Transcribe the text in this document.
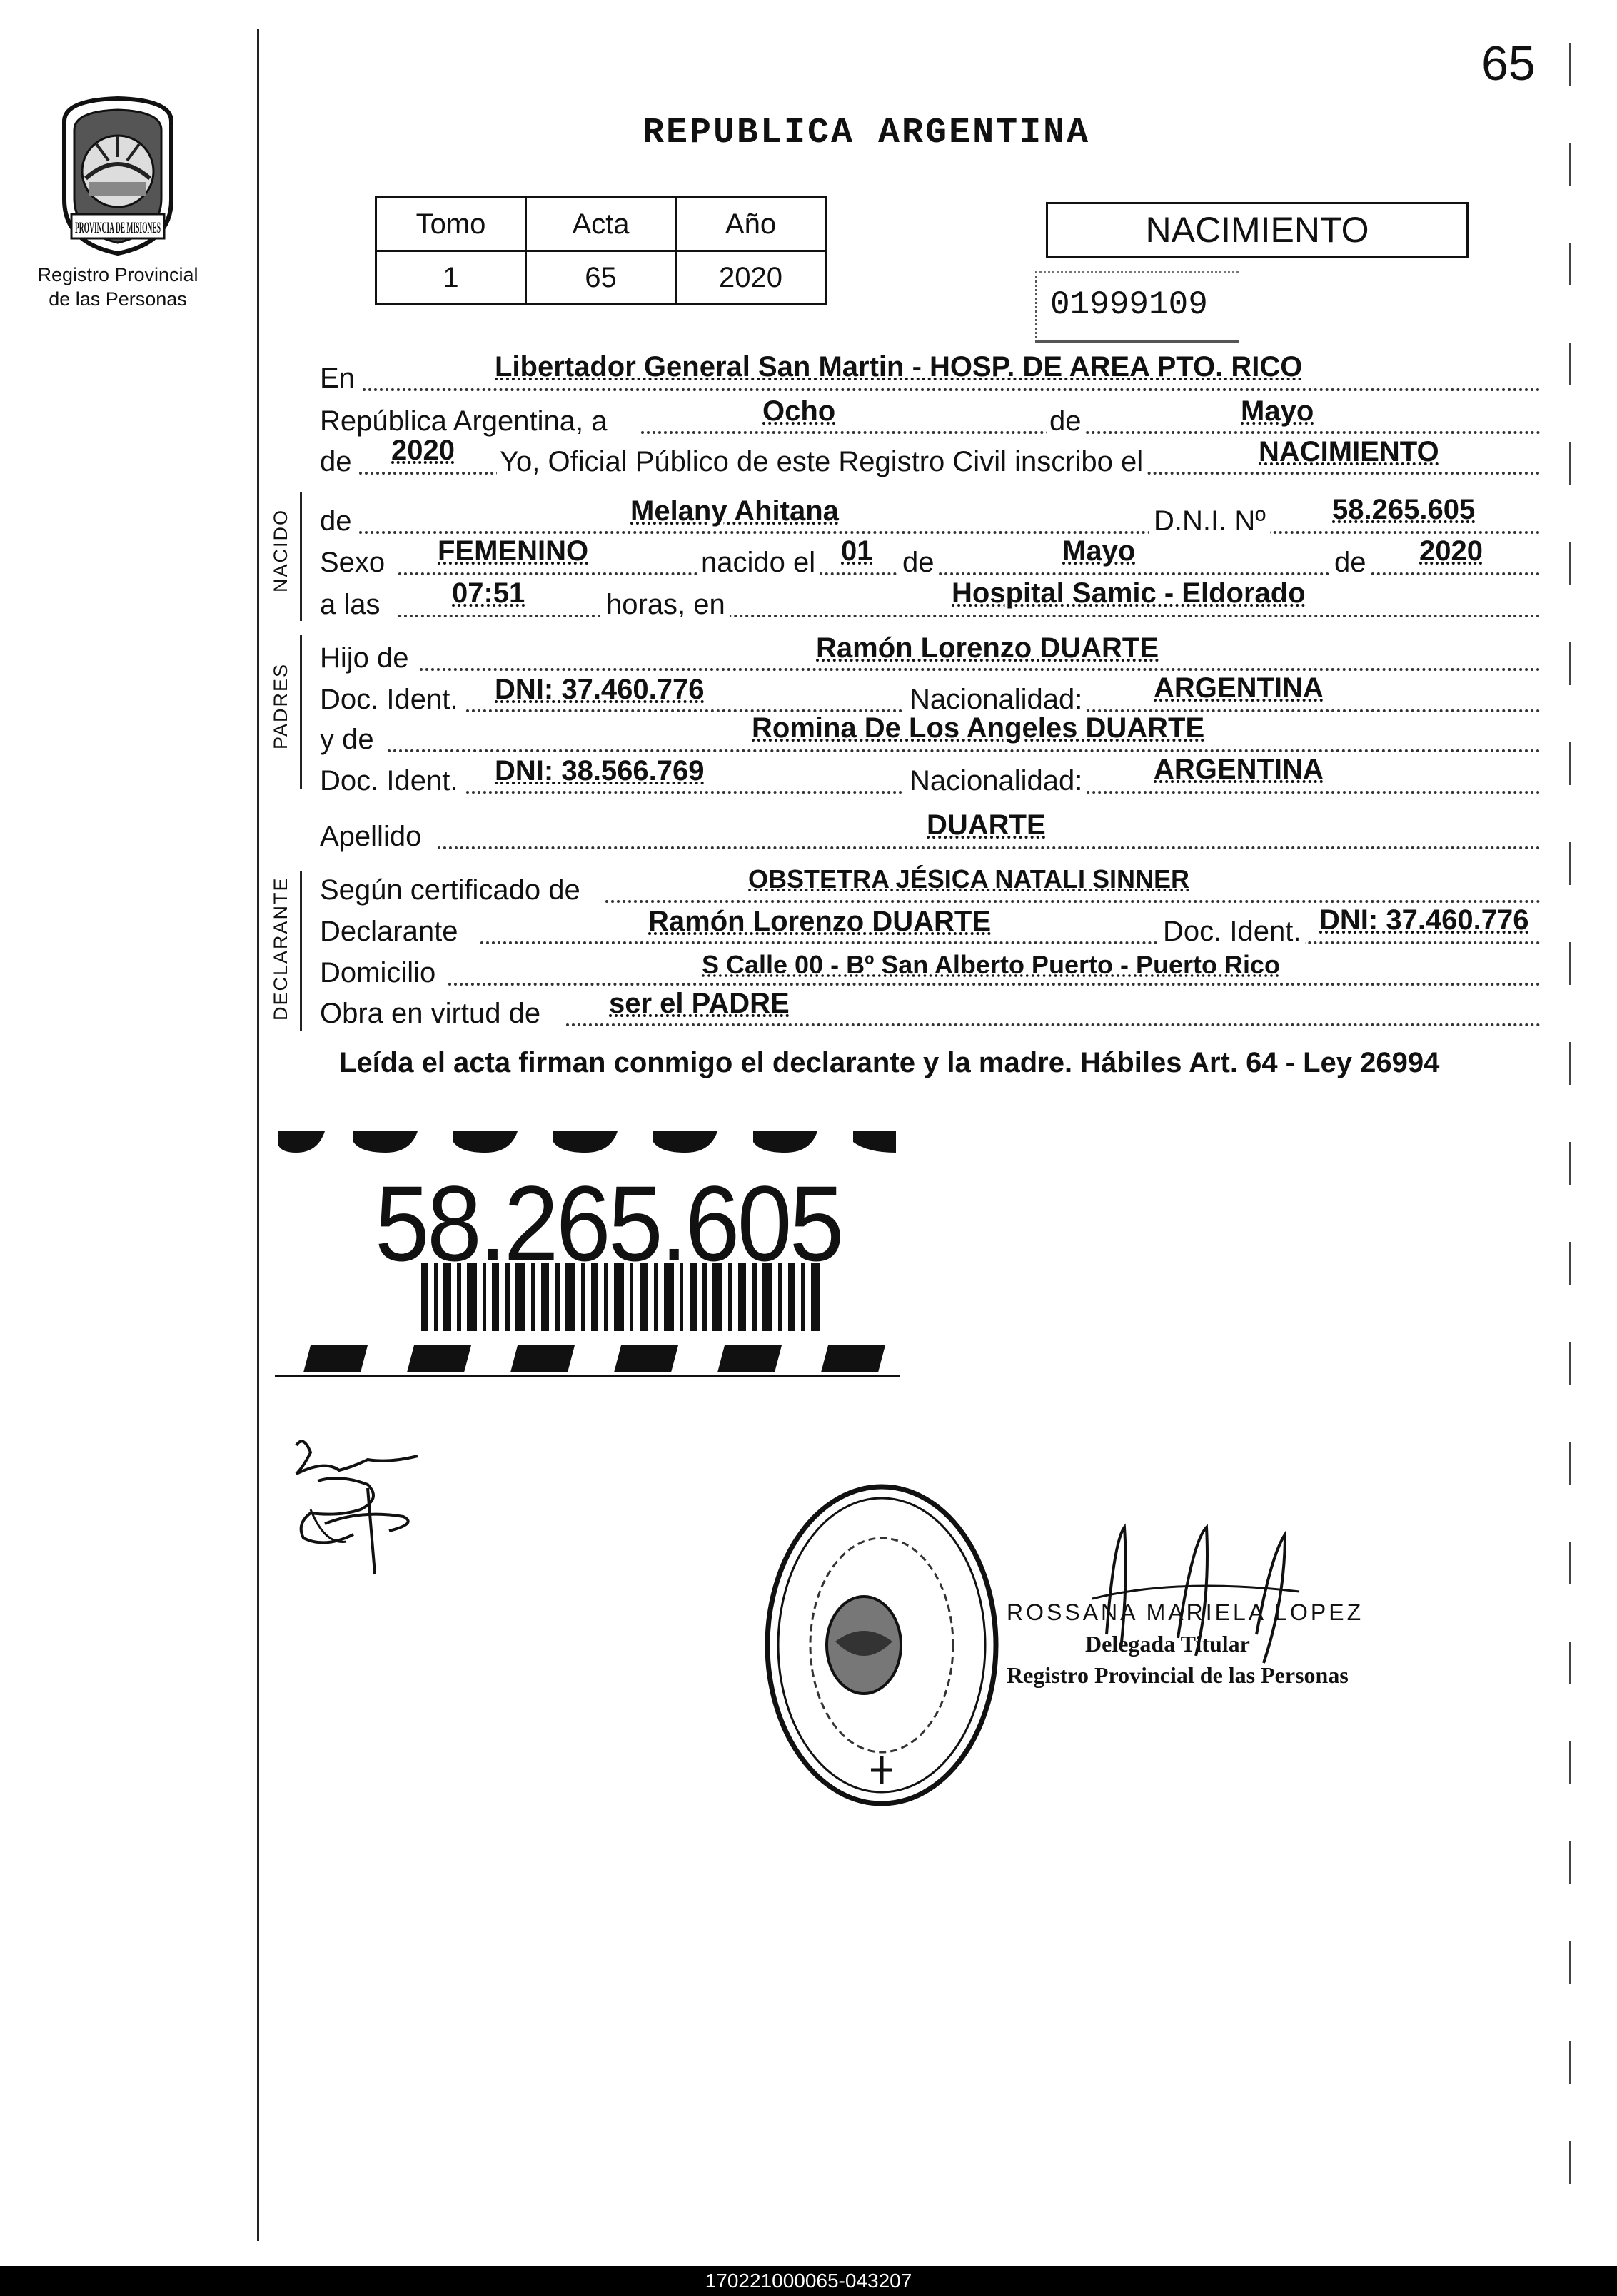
65
PROVINCIA DE MISIONES
Registro Provincial
de las Personas
REPUBLICA ARGENTINA
Tomo	Acta	Año
1	65	2020
NACIMIENTO
01999109
En	Libertador General San Martin - HOSP. DE AREA PTO. RICO
República Argentina, a	Ocho	de	Mayo
de 2020 Yo, Oficial Público de este Registro Civil inscribo el	NACIMIENTO
NACIDO de	Melany Ahitana	D.N.I. Nº 58.265.605
Sexo FEMENINO	nacido el 01 de	Mayo	de 2020
a las	07:51	horas, en	Hospital Samic - Eldorado
PADRES
Hijo de	Ramón Lorenzo DUARTE
Doc. Ident. DNI: 37.460.776	Nacionalidad: ARGENTINA
y de	Romina De Los Angeles DUARTE
Doc. Ident. DNI: 38.566.769	Nacionalidad: ARGENTINA
Apellido	DUARTE
DECLARANTE Según certificado de	OBSTETRA JÉSICA NATALI SINNER
Declarante	Ramón Lorenzo DUARTE	Doc. Ident. DNI: 37.460.776
Domicilio	S Calle 00 - Bº San Alberto Puerto - Puerto Rico
Obra en virtud de ser el PADRE
Leída el acta firman conmigo el declarante y la madre. Hábiles Art. 64 - Ley 26994
58.265.605
ROSSANA MARIELA LOPEZ
Delegada Titular
Registro Provincial de las Personas
170221000065-043207
